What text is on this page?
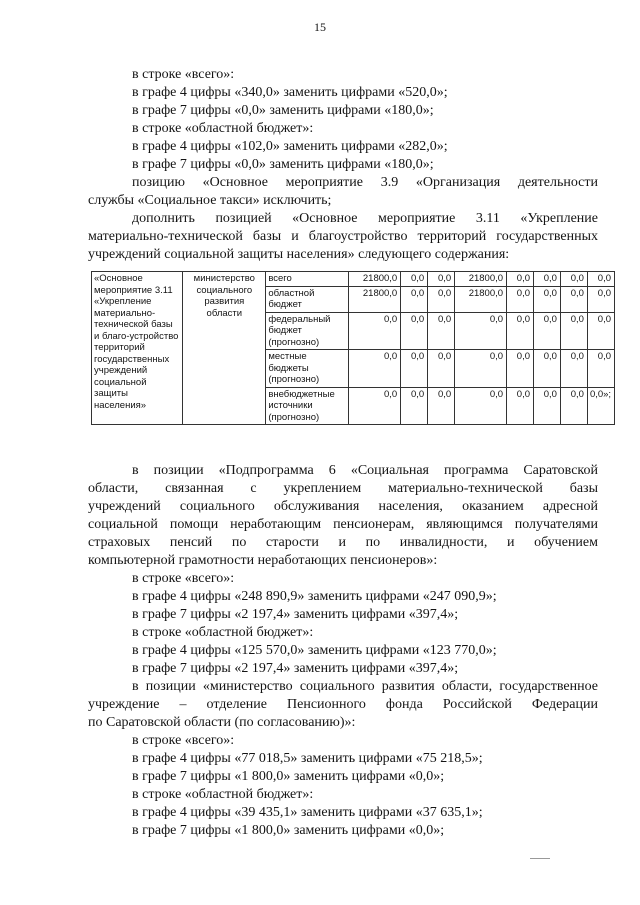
15

в строке «всего»:

в графе 4 цифры «340,0» заменить цифрами «520,0»;

в графе 7 цифры «0,0» заменить цифрами «180,0»;

в строке «областной бюджет»:

в графе 4 цифры «102,0» заменить цифрами «282,0»;

в графе 7 цифры «0,0» заменить цифрами «180,0»;

позицию «Основное мероприятие 3.9 «Организация деятельности

службы «Социальное такси» исключить;

дополнить позицией «Основное мероприятие 3.11 «Укрепление

материально-технической базы и благоустройство территорий государственных

учреждений социальной защиты населения» следующего содержания:

«Основное мероприятие 3.11 «Укрепление материально-технической базы и благо-устройство территорий государственных учреждений социальной защиты населения»	министерство социального развития области	всего	21800,0	0,0	0,0	21800,0	0,0	0,0	0,0	0,0
		областной бюджет	21800,0	0,0	0,0	21800,0	0,0	0,0	0,0	0,0
		федеральный бюджет (прогнозно)	0,0	0,0	0,0	0,0	0,0	0,0	0,0	0,0
		местные бюджеты (прогнозно)	0,0	0,0	0,0	0,0	0,0	0,0	0,0	0,0
		внебюджетные источники (прогнозно)	0,0	0,0	0,0	0,0	0,0	0,0	0,0	0,0»;

в позиции «Подпрограмма 6 «Социальная программа Саратовской

области, связанная с укреплением материально-технической базы

учреждений социального обслуживания населения, оказанием адресной

социальной помощи неработающим пенсионерам, являющимся получателями

страховых пенсий по старости и по инвалидности, и обучением

компьютерной грамотности неработающих пенсионеров»:

в строке «всего»:

в графе 4 цифры «248 890,9» заменить цифрами «247 090,9»;

в графе 7 цифры «2 197,4» заменить цифрами «397,4»;

в строке «областной бюджет»:

в графе 4 цифры «125 570,0» заменить цифрами «123 770,0»;

в графе 7 цифры «2 197,4» заменить цифрами «397,4»;

в позиции «министерство социального развития области, государственное

учреждение – отделение Пенсионного фонда Российской Федерации

по Саратовской области (по согласованию)»:

в строке «всего»:

в графе 4 цифры «77 018,5» заменить цифрами «75 218,5»;

в графе 7 цифры «1 800,0» заменить цифрами «0,0»;

в строке «областной бюджет»:

в графе 4 цифры «39 435,1» заменить цифрами «37 635,1»;

в графе 7 цифры «1 800,0» заменить цифрами «0,0»;
